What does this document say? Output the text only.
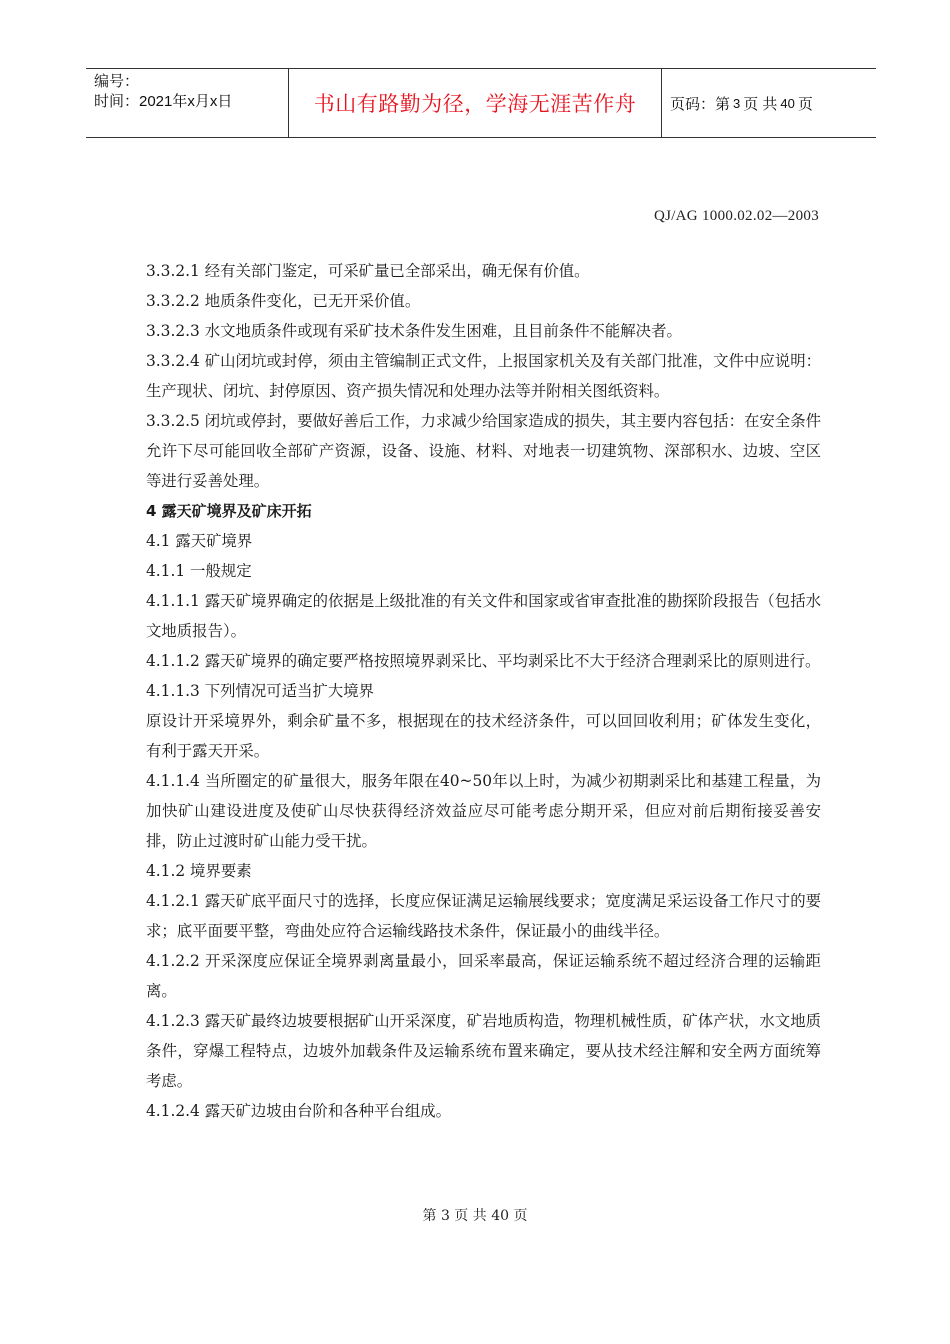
编号：
时间：2021年x月x日	书山有路勤为径，学海无涯苦作舟	页码：第 3 页 共 40 页
QJ/AG 1000.02.02—2003

3.3.2.1 经有关部门鉴定，可采矿量已全部采出，确无保有价值。

3.3.2.2 地质条件变化，已无开采价值。

3.3.2.3 水文地质条件或现有采矿技术条件发生困难，且目前条件不能解决者。

3.3.2.4 矿山闭坑或封停，须由主管编制正式文件，上报国家机关及有关部门批准，文件中应说明：生产现状、闭坑、封停原因、资产损失情况和处理办法等并附相关图纸资料。

3.3.2.5 闭坑或停封，要做好善后工作，力求减少给国家造成的损失，其主要内容包括：在安全条件允许下尽可能回收全部矿产资源，设备、设施、材料、对地表一切建筑物、深部积水、边坡、空区等进行妥善处理。

4 露天矿境界及矿床开拓

4.1 露天矿境界

4.1.1 一般规定

4.1.1.1 露天矿境界确定的依据是上级批准的有关文件和国家或省审查批准的勘探阶段报告（包括水文地质报告）。

4.1.1.2 露天矿境界的确定要严格按照境界剥采比、平均剥采比不大于经济合理剥采比的原则进行。

4.1.1.3 下列情况可适当扩大境界

原设计开采境界外，剩余矿量不多，根据现在的技术经济条件，可以回回收利用；矿体发生变化，有利于露天开采。

4.1.1.4 当所圈定的矿量很大，服务年限在40~50年以上时，为减少初期剥采比和基建工程量，为加快矿山建设进度及使矿山尽快获得经济效益应尽可能考虑分期开采，但应对前后期衔接妥善安排，防止过渡时矿山能力受干扰。

4.1.2 境界要素

4.1.2.1 露天矿底平面尺寸的选择，长度应保证满足运输展线要求；宽度满足采运设备工作尺寸的要求；底平面要平整，弯曲处应符合运输线路技术条件，保证最小的曲线半径。

4.1.2.2 开采深度应保证全境界剥离量最小，回采率最高，保证运输系统不超过经济合理的运输距离。

4.1.2.3 露天矿最终边坡要根据矿山开采深度，矿岩地质构造，物理机械性质，矿体产状，水文地质条件，穿爆工程特点，边坡外加载条件及运输系统布置来确定，要从技术经注解和安全两方面统筹考虑。

4.1.2.4 露天矿边坡由台阶和各种平台组成。

第 3 页 共 40 页
